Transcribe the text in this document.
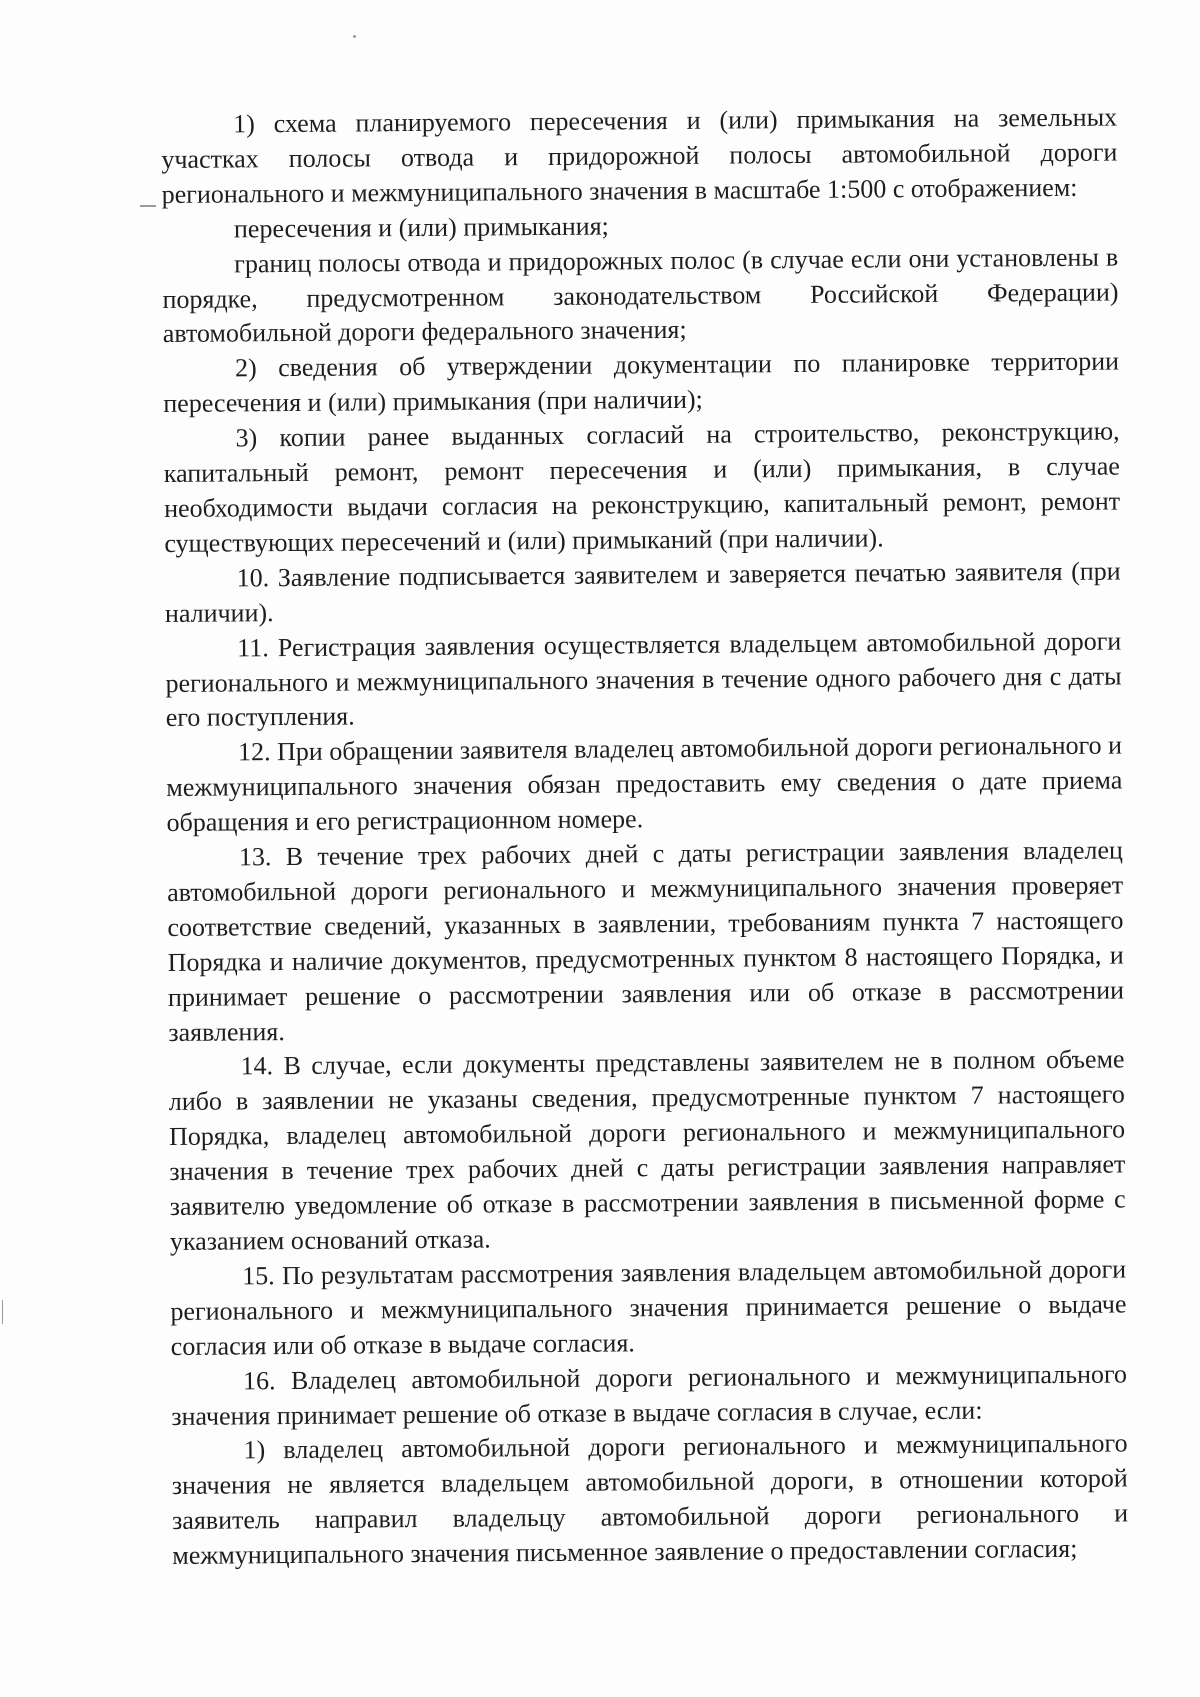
1) схема планируемого пересечения и (или) примыкания на земельных участках полосы отвода и придорожной полосы автомобильной дороги регионального и межмуниципального значения в масштабе 1:500 с отображением:

пересечения и (или) примыкания;

границ полосы отвода и придорожных полос (в случае если они установлены в порядке, предусмотренном законодательством Российской Федерации) автомобильной дороги федерального значения;

2) сведения об утверждении документации по планировке территории пересечения и (или) примыкания (при наличии);

3) копии ранее выданных согласий на строительство, реконструкцию, капитальный ремонт, ремонт пересечения и (или) примыкания, в случае необходимости выдачи согласия на реконструкцию, капитальный ремонт, ремонт существующих пересечений и (или) примыканий (при наличии).

10. Заявление подписывается заявителем и заверяется печатью заявителя (при наличии).

11. Регистрация заявления осуществляется владельцем автомобильной дороги регионального и межмуниципального значения в течение одного рабочего дня с даты его поступления.

12. При обращении заявителя владелец автомобильной дороги регионального и межмуниципального значения обязан предоставить ему сведения о дате приема обращения и его регистрационном номере.

13. В течение трех рабочих дней с даты регистрации заявления владелец автомобильной дороги регионального и межмуниципального значения проверяет соответствие сведений, указанных в заявлении, требованиям пункта 7 настоящего Порядка и наличие документов, предусмотренных пунктом 8 настоящего Порядка, и принимает решение о рассмотрении заявления или об отказе в рассмотрении заявления.

14. В случае, если документы представлены заявителем не в полном объеме либо в заявлении не указаны сведения, предусмотренные пунктом 7 настоящего Порядка, владелец автомобильной дороги регионального и межмуниципального значения в течение трех рабочих дней с даты регистрации заявления направляет заявителю уведомление об отказе в рассмотрении заявления в письменной форме с указанием оснований отказа.

15. По результатам рассмотрения заявления владельцем автомобильной дороги регионального и межмуниципального значения принимается решение о выдаче согласия или об отказе в выдаче согласия.

16. Владелец автомобильной дороги регионального и межмуниципального значения принимает решение об отказе в выдаче согласия в случае, если:

1) владелец автомобильной дороги регионального и межмуниципального значения не является владельцем автомобильной дороги, в отношении которой заявитель направил владельцу автомобильной дороги регионального и межмуниципального значения письменное заявление о предоставлении согласия;
